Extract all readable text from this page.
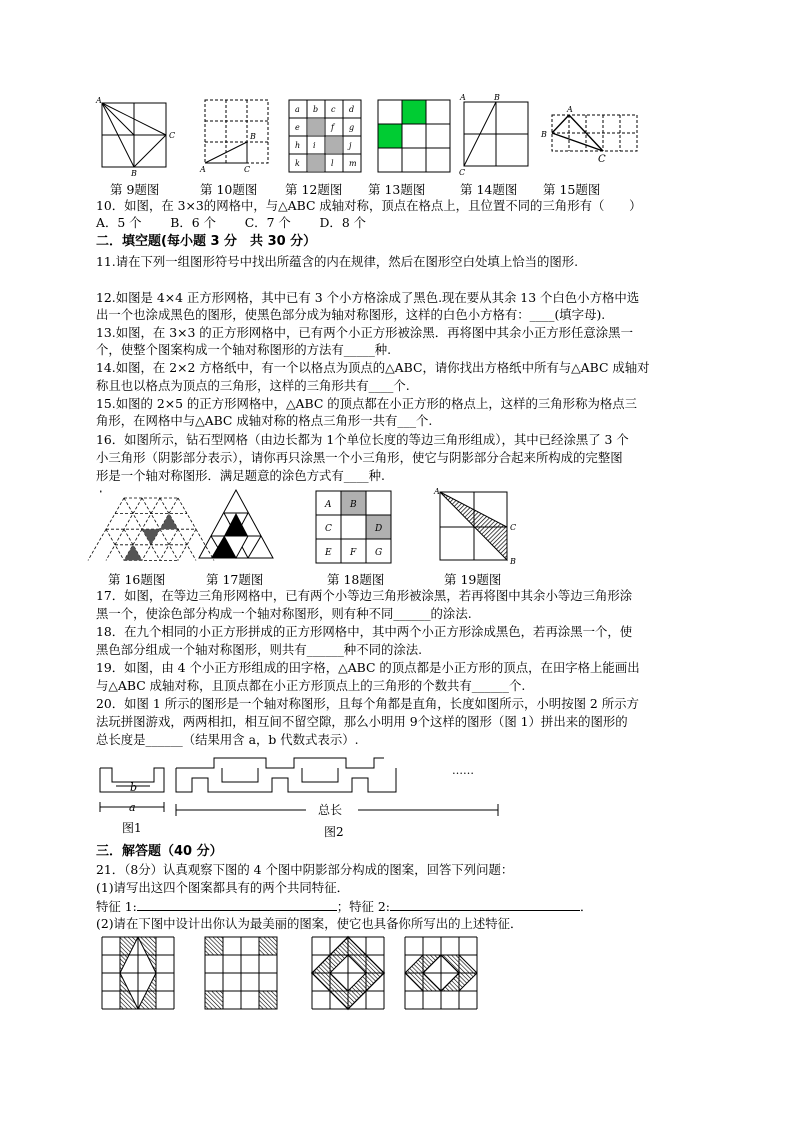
A
C
B	A	C
B
a b c d
e	f g
h i	j
k	l m
A	B
C
A
B
C
第 9题图	第 10题图 第 12题图 第 13题图	第 14题图 第 15题图
10．如图，在 3×3的网格中，与△ABC 成轴对称，顶点在格点上，且位置不同的三角形有（　　）
A．5 个　　 B．6 个　　 C．7 个　　 D．8 个
二．填空题(每小题 3 分　共 30 分）
11.请在下列一组图形符号中找出所蕴含的内在规律，然后在图形空白处填上恰当的图形.
12.如图是 4×4 正方形网格，其中已有 3 个小方格涂成了黑色.现在要从其余 13 个白色小方格中选
出一个也涂成黑色的图形，使黑色部分成为轴对称图形，这样的白色小方格有：____(填字母).
13.如图，在 3×3 的正方形网格中，已有两个小正方形被涂黑．再将图中其余小正方形任意涂黑一
个，使整个图案构成一个轴对称图形的方法有_____种.
14.如图，在 2×2 方格纸中，有一个以格点为顶点的△ABC，请你找出方格纸中所有与△ABC 成轴对
称且也以格点为顶点的三角形，这样的三角形共有____个.
15.如图的 2×5 的正方形网格中，△ABC 的顶点都在小正方形的格点上，这样的三角形称为格点三
角形，在网格中与△ABC 成轴对称的格点三角形一共有___个.
16．如图所示，钻石型网格（由边长都为 1个单位长度的等边三角形组成），其中已经涂黑了 3 个
小三角形（阴影部分表示），请你再只涂黑一个小三角形，使它与阴影部分合起来所构成的完整图
形是一个轴对称图形．满足题意的涂色方式有____种.
A B
C	D
E F G
A
C
B
第 16题图	第 17题图	第 18题图	第 19题图
17．如图，在等边三角形网格中，已有两个小等边三角形被涂黑，若再将图中其余小等边三角形涂
黑一个，使涂色部分构成一个轴对称图形，则有种不同______的涂法.
18．在九个相同的小正方形拼成的正方形网格中，其中两个小正方形涂成黑色，若再涂黑一个，使
黑色部分组成一个轴对称图形，则共有______种不同的涂法.
19．如图，由 4 个小正方形组成的田字格，△ABC 的顶点都是小正方形的顶点，在田字格上能画出
与△ABC 成轴对称，且顶点都在小正方形顶点上的三角形的个数共有______个.
20．如图 1 所示的图形是一个轴对称图形，且每个角都是直角，长度如图所示，小明按图 2 所示方
法玩拼图游戏，两两相扣，相互间不留空隙，那么小明用 9个这样的图形（图 1）拼出来的图形的
总长度是______（结果用含 a，b 代数式表示）.
b
a
……
总长
图1	图2
三．解答题（40 分）
21．（8分）认真观察下图的 4 个图中阴影部分构成的图案，回答下列问题：
(1)请写出这四个图案都具有的两个共同特征．
特征 1:	；特征 2:	．
(2)请在下图中设计出你认为最美丽的图案，使它也具备你所写出的上述特征．
